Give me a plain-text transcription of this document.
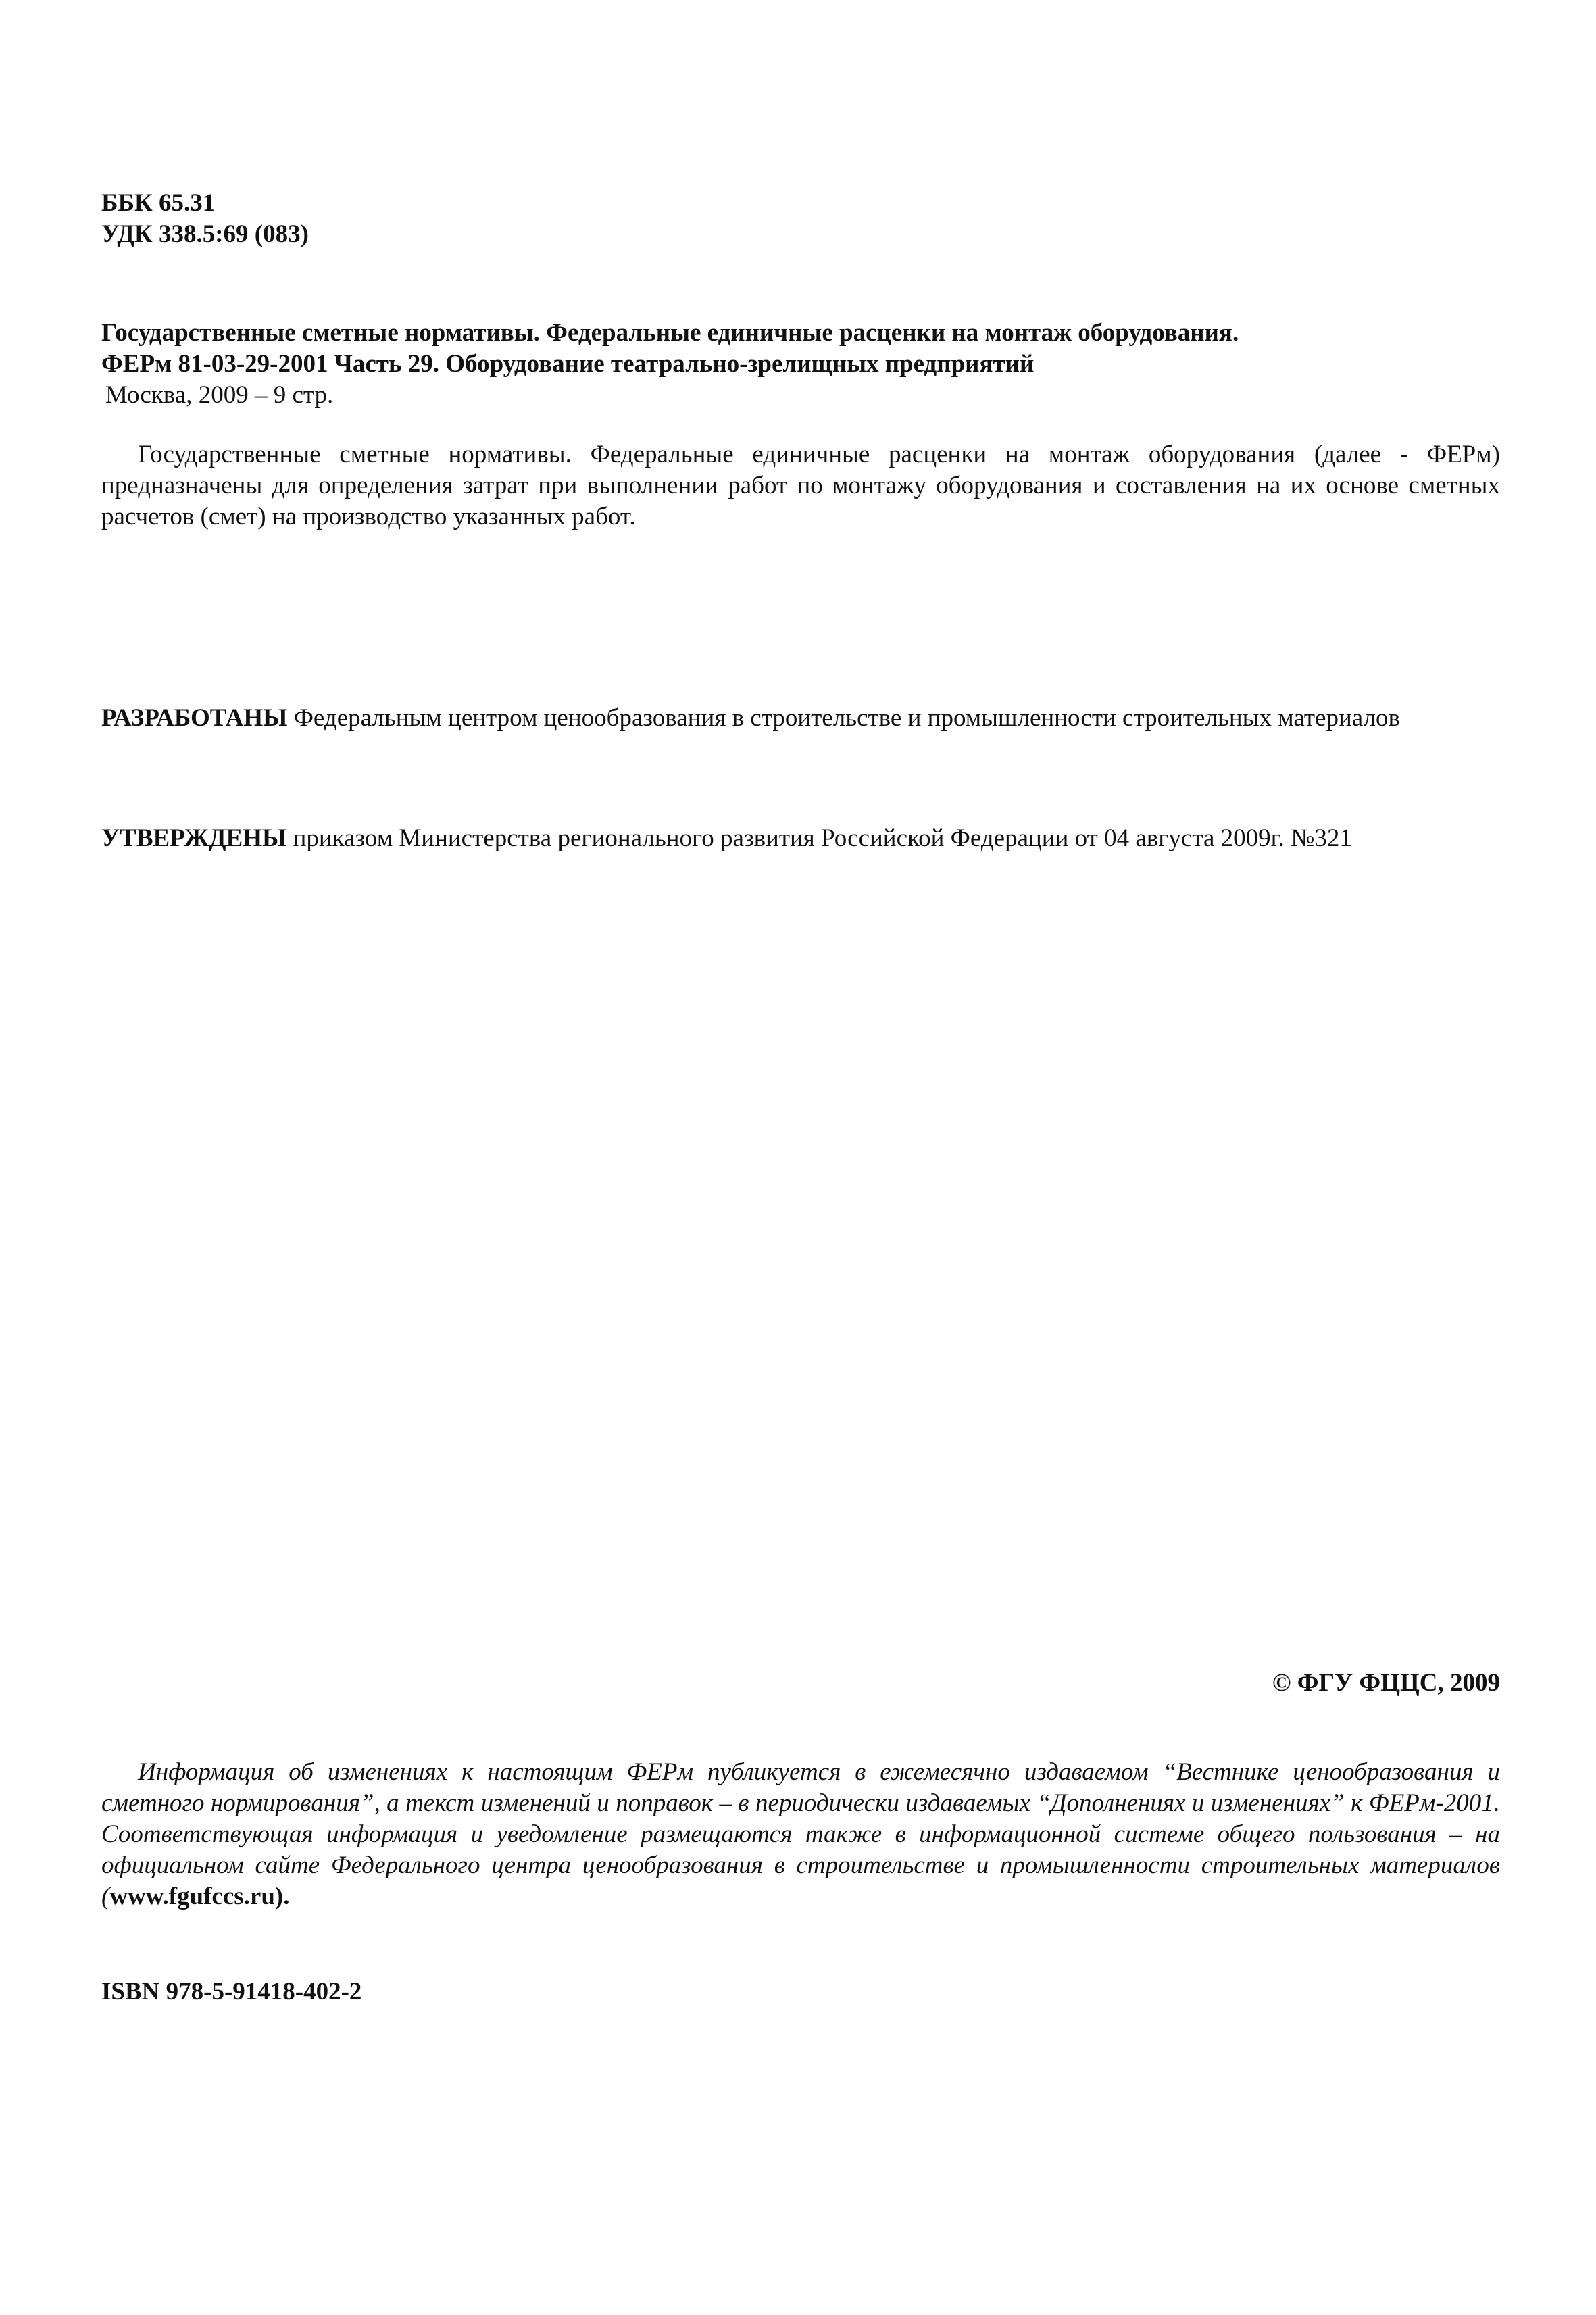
ББК 65.31
УДК 338.5:69 (083)
Государственные сметные нормативы. Федеральные единичные расценки на монтаж оборудования.
ФЕРм 81-03-29-2001 Часть 29. Оборудование театрально-зрелищных предприятий
Москва, 2009 – 9 стр.
Государственные сметные нормативы. Федеральные единичные расценки на монтаж оборудования (далее - ФЕРм) предназначены для определения затрат при выполнении работ по монтажу оборудования и составления на их основе сметных расчетов (смет) на производство указанных работ.
РАЗРАБОТАНЫ Федеральным центром ценообразования в строительстве и промышленности строительных материалов
УТВЕРЖДЕНЫ приказом Министерства регионального развития Российской Федерации от 04 августа 2009г. №321
© ФГУ ФЦЦС, 2009
Информация об изменениях к настоящим ФЕРм публикуется в ежемесячно издаваемом “Вестнике ценообразования и сметного нормирования”, а текст изменений и поправок – в периодически издаваемых “Дополнениях и изменениях” к ФЕРм-2001. Соответствующая информация и уведомление размещаются также в информационной системе общего пользования – на официальном сайте Федерального центра ценообразования в строительстве и промышленности строительных материалов (www.fgufccs.ru).
ISBN 978-5-91418-402-2
